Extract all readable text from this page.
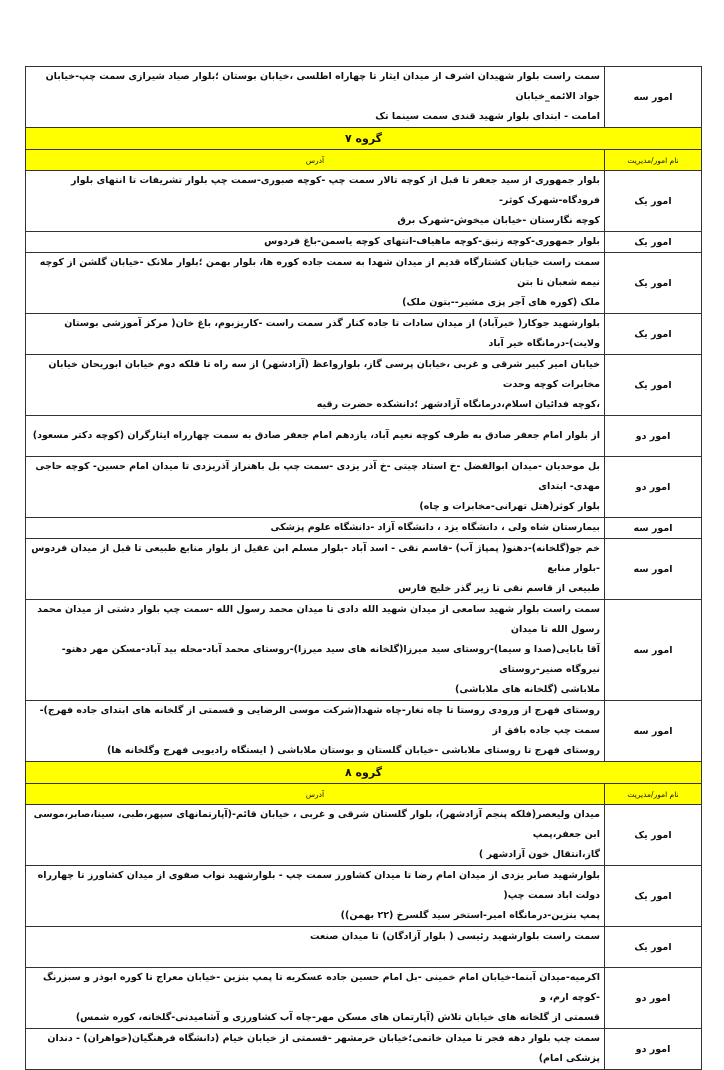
امور سه	سمت راست بلوار شهیدان اشرف از میدان ایثار تا چهاراه اطلسی ،خیابان بوستان ؛بلوار صیاد شیرازی سمت چپ-خیابان جواد الائمه_خیابان
امامت - ابتدای بلوار شهید قندی سمت سینما تک

گروه ۷	
نام امور/مدیریت	آدرس
امور یک	بلوار جمهوری از سید جعفر تا قبل از کوچه تالار سمت چپ -کوچه صبوری-سمت چپ بلوار تشریفات تا انتهای بلوار فرودگاه-شهرک کوثر-
کوچه نگارستان -خیابان میخوش-شهرک برق

امور یک	بلوار جمهوری-کوچه زنبق-کوچه ماهیاف-انتهای کوچه یاسمن-باغ فردوس

امور یک	سمت راست خیابان کشتارگاه قدیم از میدان شهدا به سمت جاده کوره ها، بلوار بهمن ؛بلوار ملانک -خیابان گلشن از کوچه نیمه شعبان تا بتن
ملک (کوره های آجر پزی مشیر--بتون ملک)

امور یک	بلوارشهید جوکار( خیرآباد) از میدان سادات تا جاده کنار گذر سمت راست -کاریزبوم، باغ خان( مرکز آموزشی بوستان ولایت)-درمانگاه خیر آباد

امور یک	خیابان امیر کبیر شرقی و غربی ،خیابان پرسی گاز، بلوارواعظ (آزادشهر) از سه راه تا فلکه دوم خیابان ابوریحان خیابان مخابرات کوچه وحدت
،کوچه فدائیان اسلام،درمانگاه آزادشهر ؛دانشکده حضرت رقیه

امور دو	از بلوار امام جعفر صادق به طرف کوچه نعیم آباد، یازدهم امام جعفر صادق به سمت چهارراه ایثارگران (کوچه دکتر مسعود)

امور دو	بل موحدیان -میدان ابوالفضل -خ استاد چیتی -خ آذر یزدی -سمت چپ بل باهنراز آذریزدی تا میدان امام حسین- کوچه حاجی مهدی- ابتدای
بلوار کوثر(هتل تهرانی-مخابرات و چاه)

امور سه	بیمارستان شاه ولی ، دانشگاه یزد ، دانشگاه آزاد -دانشگاه علوم پزشکی

امور سه	خم جو(گلخانه)-دهنو( پمپاژ آب) -قاسم نقی - اسد آباد -بلوار مسلم ابن عقیل از بلوار منابع طبیعی تا قبل از میدان فردوس -بلوار منابع
طبیعی از قاسم نقی تا زیر گذر خلیج فارس

امور سه	سمت راست بلوار شهید سامعی از میدان شهید الله دادی تا میدان محمد رسول الله -سمت چپ بلوار دشتی از میدان محمد رسول الله تا میدان
آقا بابایی(صدا و سیما)-روستای سید میرزا(گلخانه های سید میرزا)-روستای محمد آباد-محله بید آباد-مسکن مهر دهنو-نیروگاه صنیر-روستای
ملاباشی (گلخانه های ملاباشی)

امور سه	روستای فهرج از ورودی روستا تا چاه تغار-چاه شهدا(شرکت موسی الرضایی و قسمتی از گلخانه های ابتدای جاده فهرج)-سمت چپ جاده بافق از
روستای فهرج تا روستای ملاباشی -خیابان گلستان و بوستان ملاباشی ( ایستگاه رادیویی فهرج وگلخانه ها)

گروه ۸	
نام امور/مدیریت	آدرس
امور یک	میدان ولیعصر(فلکه پنجم آزادشهر)، بلوار گلستان شرقی و غربی ، خیابان قائم-(آپارتمانهای سپهر،طبی، سینا،صابر،موسی ابن جعفر،پمپ
گاز،انتقال خون آزادشهر )

امور یک	بلوارشهید صابر یزدی از میدان امام رضا تا میدان کشاورز سمت چپ - بلوارشهید نواب صفوی از میدان کشاورز تا چهارراه دولت اباد سمت چپ(
پمپ بنزین-درمانگاه امیر-استخر سید گلسرخ (۲۲ بهمن))

امور یک	سمت راست بلوارشهید رئیسی ( بلوار آزادگان) تا میدان صنعت

امور دو	اکرمیه-میدان آبنما-خیابان امام خمینی -بل امام حسین جاده عسکریه تا پمپ بنزین -خیابان معراج تا کوره ابوذر و سبزرنگ -کوچه ارم، و
قسمتی از گلخانه های خیابان تلاش (آپارتمان های مسکن مهر-چاه آب کشاورزی و آشامیدنی-گلخانه، کوره شمس)

امور دو	سمت چپ بلوار دهه فجر تا میدان خاتمی؛خیابان خرمشهر -قسمتی از خیابان خیام (دانشگاه فرهنگیان(خواهران) - دندان پزشکی امام)
